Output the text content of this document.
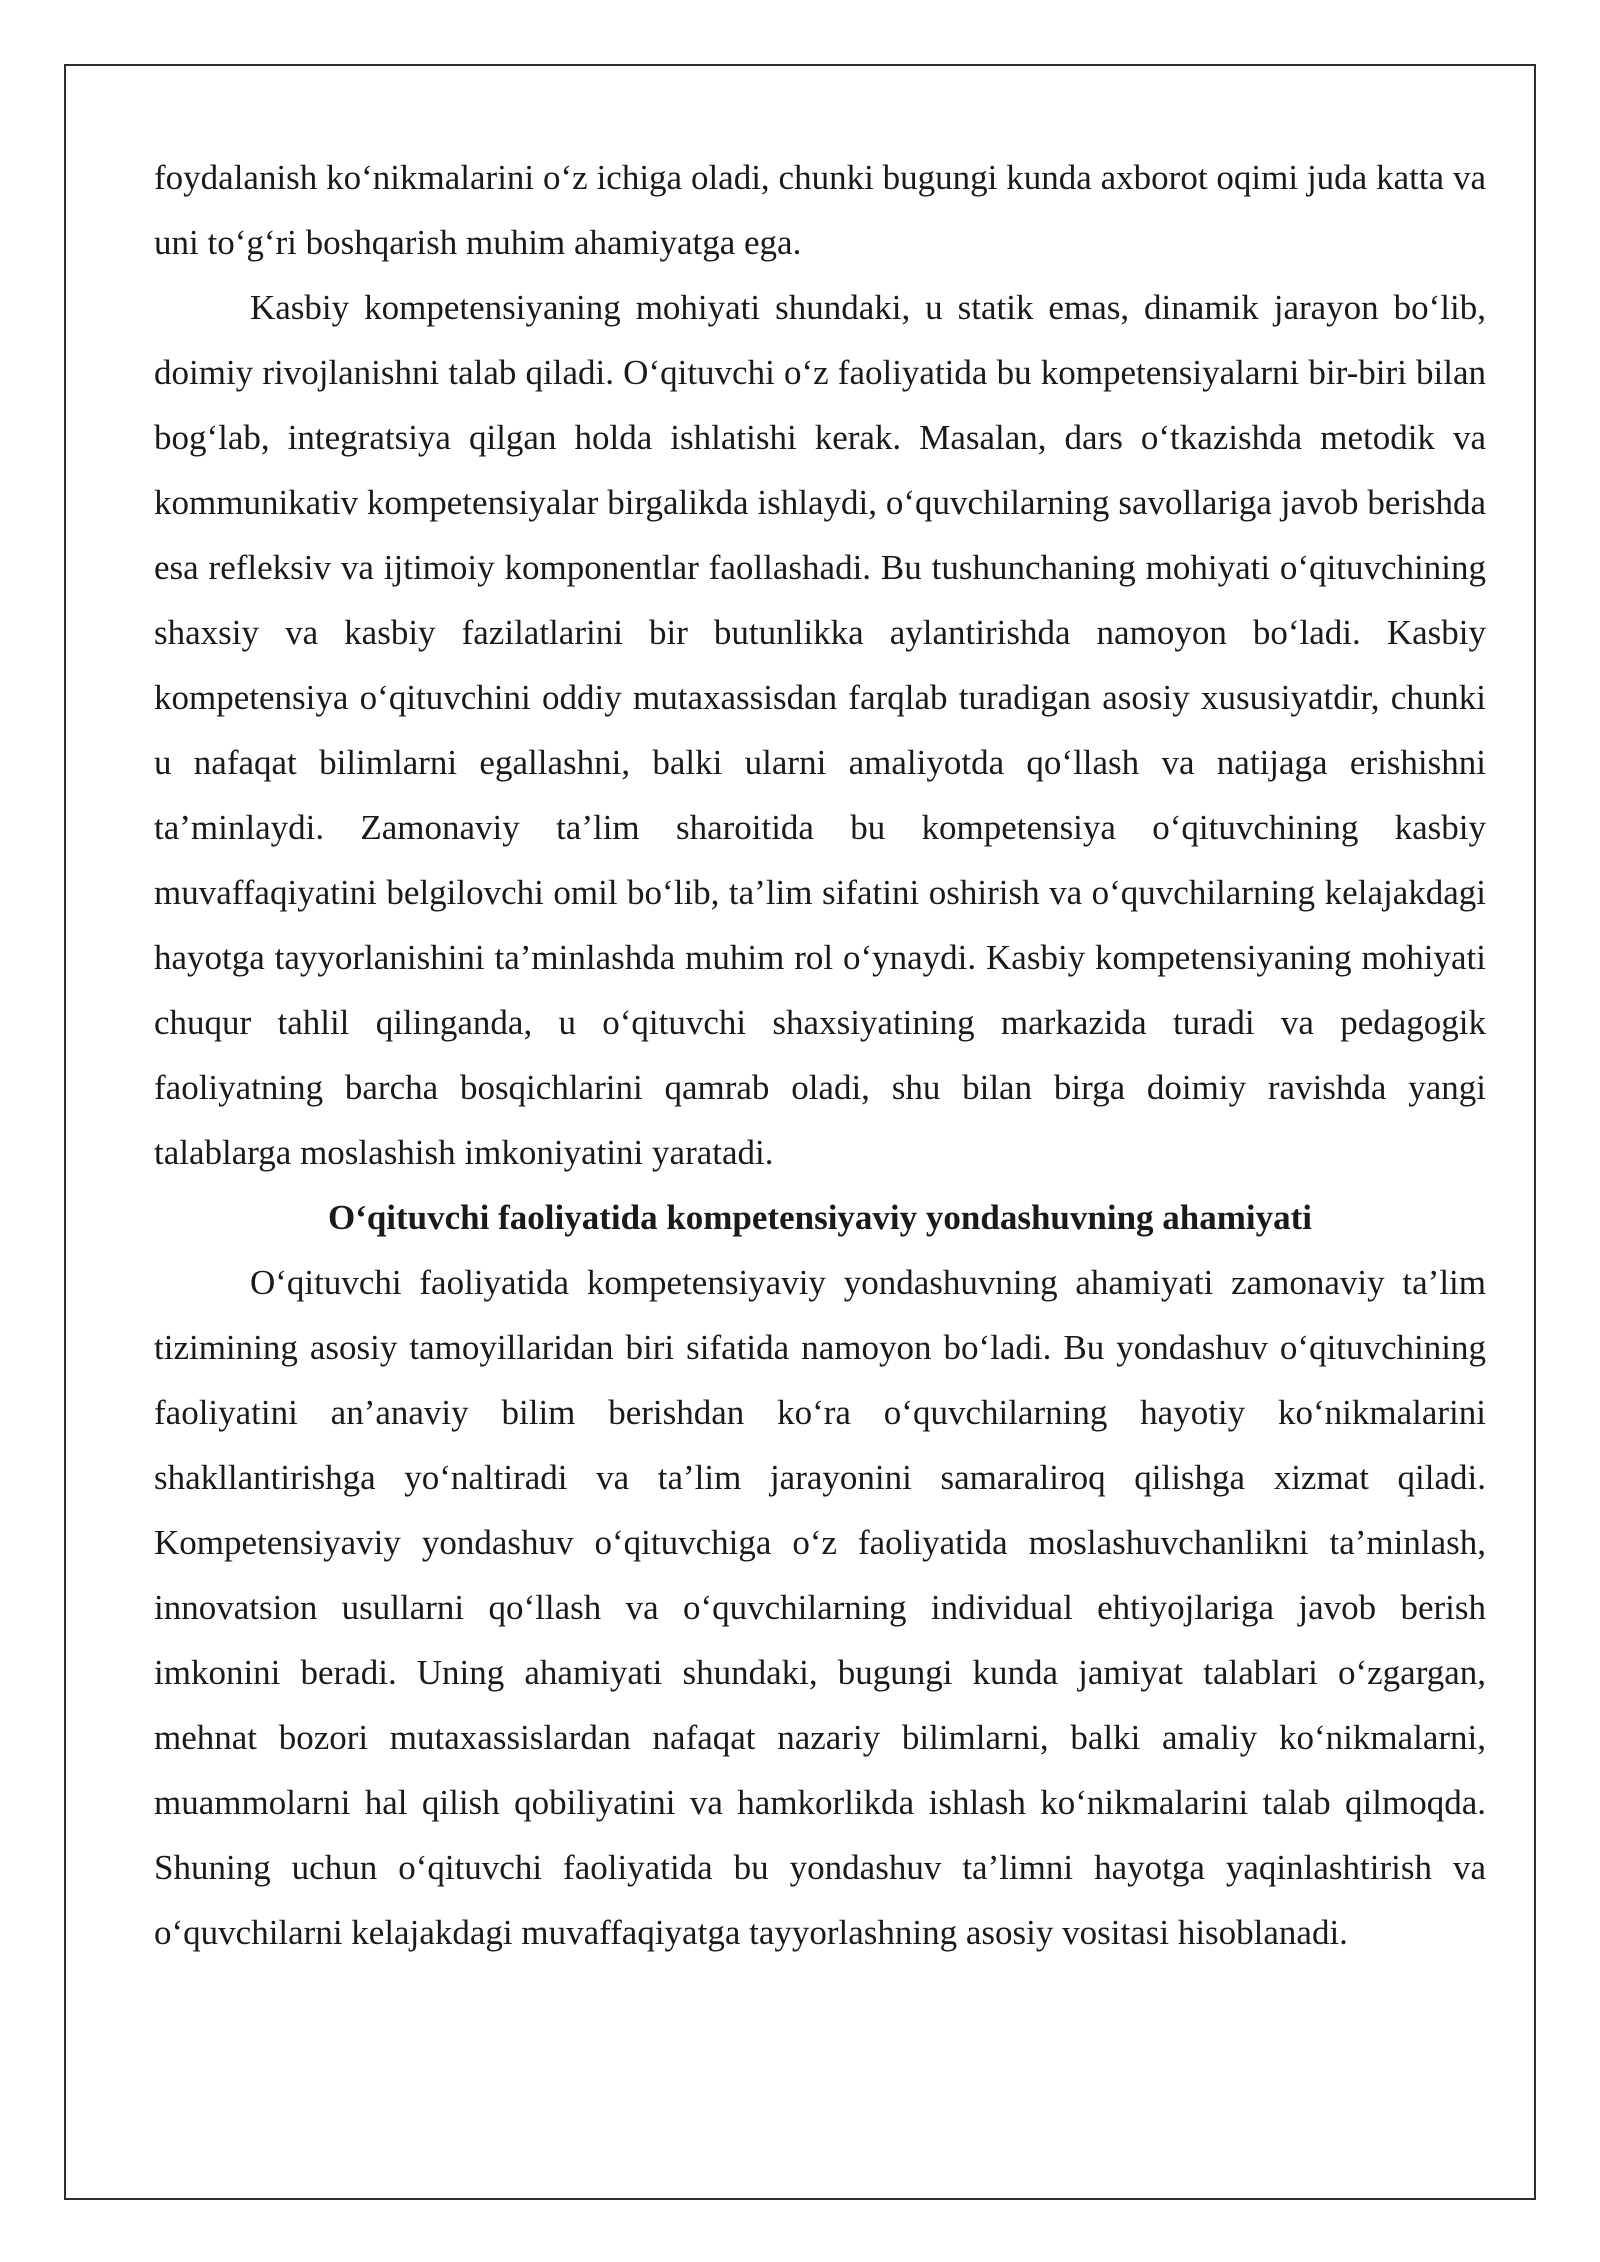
foydalanish ko‘nikmalarini o‘z ichiga oladi, chunki bugungi kunda axborot oqimi juda katta va uni to‘g‘ri boshqarish muhim ahamiyatga ega.

Kasbiy kompetensiyaning mohiyati shundaki, u statik emas, dinamik jarayon bo‘lib, doimiy rivojlanishni talab qiladi. O‘qituvchi o‘z faoliyatida bu kompetensiyalarni bir-biri bilan bog‘lab, integratsiya qilgan holda ishlatishi kerak. Masalan, dars o‘tkazishda metodik va kommunikativ kompetensiyalar birgalikda ishlaydi, o‘quvchilarning savollariga javob berishda esa refleksiv va ijtimoiy komponentlar faollashadi. Bu tushunchaning mohiyati o‘qituvchining shaxsiy va kasbiy fazilatlarini bir butunlikka aylantirishda namoyon bo‘ladi. Kasbiy kompetensiya o‘qituvchini oddiy mutaxassisdan farqlab turadigan asosiy xususiyatdir, chunki u nafaqat bilimlarni egallashni, balki ularni amaliyotda qo‘llash va natijaga erishishni ta’minlaydi. Zamonaviy ta’lim sharoitida bu kompetensiya o‘qituvchining kasbiy muvaffaqiyatini belgilovchi omil bo‘lib, ta’lim sifatini oshirish va o‘quvchilarning kelajakdagi hayotga tayyorlanishini ta’minlashda muhim rol o‘ynaydi. Kasbiy kompetensiyaning mohiyati chuqur tahlil qilinganda, u o‘qituvchi shaxsiyatining markazida turadi va pedagogik faoliyatning barcha bosqichlarini qamrab oladi, shu bilan birga doimiy ravishda yangi talablarga moslashish imkoniyatini yaratadi.

O‘qituvchi faoliyatida kompetensiyaviy yondashuvning ahamiyati

O‘qituvchi faoliyatida kompetensiyaviy yondashuvning ahamiyati zamonaviy ta’lim tizimining asosiy tamoyillaridan biri sifatida namoyon bo‘ladi. Bu yondashuv o‘qituvchining faoliyatini an’anaviy bilim berishdan ko‘ra o‘quvchilarning hayotiy ko‘nikmalarini shakllantirishga yo‘naltiradi va ta’lim jarayonini samaraliroq qilishga xizmat qiladi. Kompetensiyaviy yondashuv o‘qituvchiga o‘z faoliyatida moslashuvchanlikni ta’minlash, innovatsion usullarni qo‘llash va o‘quvchilarning individual ehtiyojlariga javob berish imkonini beradi. Uning ahamiyati shundaki, bugungi kunda jamiyat talablari o‘zgargan, mehnat bozori mutaxassislardan nafaqat nazariy bilimlarni, balki amaliy ko‘nikmalarni, muammolarni hal qilish qobiliyatini va hamkorlikda ishlash ko‘nikmalarini talab qilmoqda. Shuning uchun o‘qituvchi faoliyatida bu yondashuv ta’limni hayotga yaqinlashtirish va o‘quvchilarni kelajakdagi muvaffaqiyatga tayyorlashning asosiy vositasi hisoblanadi.
